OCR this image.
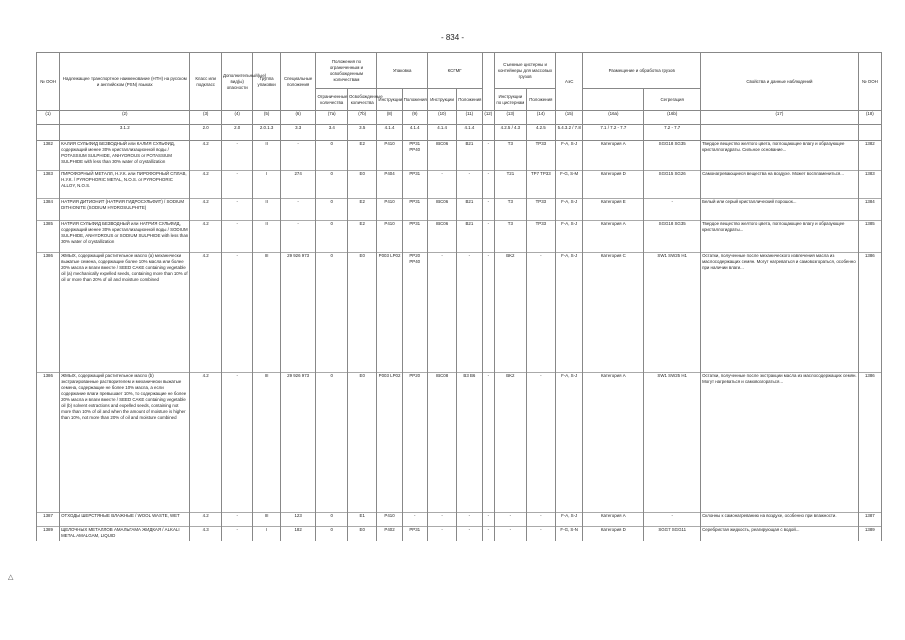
- 834 -
△
№ ООН	Надлежащее транспортное наименование (НТН) на русском и английском (PSN) языках	Класс или подкласс	Дополнительный(ые) вид(ы) опасности	Группа упаковки	Специальные положения	Положения по ограниченным и освобожденным количествам		Упаковка		КСГМГ			Съемные цистерны и контейнеры для массовых грузов		АэС	Размещение и обработка грузов		Свойства и данные наблюдений	№ ООН
						Ограниченные количества	Освобожденные количества	Инструкции	Положения	Инструкции	Положения		Инструкции по цистернам	Положения			Сегрегация		
(1)	(2)	(3)	(4)	(5)	(6)	(7a)	(7b)	(8)	(9)	(10)	(11)	(12)	(13)	(14)	(15)	(16a)	(16b)	(17)	(18)
	3.1.2	2.0	2.0	2.0.1.3	3.3	3.4	3.5	4.1.4	4.1.4	4.1.4	4.1.4		4.2.5 / 4.3	4.2.5	5.4.3.2 / 7.8	7.1 / 7.2 - 7.7	7.2 - 7.7		
1382	КАЛИЯ СУЛЬФИД БЕЗВОДНЫЙ или КАЛИЯ СУЛЬФИД, содержащий менее 30% кристаллизационной воды / POTASSIUM SULPHIDE, ANHYDROUS or POTASSIUM SULPHIDE with less than 30% water of crystallization	4.2	-	II	-	0	E2	P410	PP31 PP40	IBC06	B21	-	T3	TP33	F-A, S-J	Категория A	SGG18 SG35	Твердое вещество желтого цвета, поглощающее влагу и образующее кристаллогидраты. Сильное основание...	1382
1383	ПИРОФОРНЫЙ МЕТАЛЛ, Н.У.К. или ПИРОФОРНЫЙ СПЛАВ, Н.У.К. / PYROPHORIC METAL, N.O.S. or PYROPHORIC ALLOY, N.O.S.	4.2	-	I	274	0	E0	P404	PP31	-	-	-	T21	TP7 TP33	F-G, S-M	Категория D	SGG15 SG26	Самонагревающиеся вещества на воздухе. Может воспламениться...	1383
1384	НАТРИЯ ДИТИОНИТ (НАТРИЯ ГИДРОСУЛЬФИТ) / SODIUM DITHIONITE (SODIUM HYDROSULPHITE)	4.2	-	II	-	0	E2	P410	PP31	IBC06	B21	-	T3	TP33	F-A, S-J	Категория E	-	Белый или серый кристаллический порошок...	1384
1385	НАТРИЯ СУЛЬФИД БЕЗВОДНЫЙ или НАТРИЯ СУЛЬФИД, содержащий менее 30% кристаллизационной воды / SODIUM SULPHIDE, ANHYDROUS or SODIUM SULPHIDE with less than 30% water of crystallization	4.2	-	II	-	0	E2	P410	PP31	IBC06	B21	-	T3	TP33	F-A, S-J	Категория A	SGG18 SG35	Твердое вещество желтого цвета, поглощающее влагу и образующее кристаллогидраты...	1385
1386	ЖМЫХ, содержащий растительное масло (а) механически выжатые семена, содержащие более 10% масла или более 20% масла и влаги вместе / SEED CAKE containing vegetable oil (a) mechanically expelled seeds, containing more than 10% of oil or more than 20% of oil and moisture combined	4.2	-	III	29 926 973	0	E0	P003 LP02	PP20 PP40	-	-	-	BK2	-	F-A, S-J	Категория C	SW1 SW25 H1	Остатки, полученные после механического извлечения масла из маслосодержащих семян. Могут нагреваться и самовозгораться, особенно при наличии влаги...	1386
1386	ЖМЫХ, содержащий растительное масло (b) экстрагированные растворителем и механически выжатые семена, содержащие не более 10% масла, а если содержание влаги превышает 10%, то содержащие не более 20% масла и влаги вместе / SEED CAKE containing vegetable oil (b) solvent extractions and expelled seeds, containing not more than 10% of oil and when the amount of moisture is higher than 10%, not more than 20% of oil and moisture combined	4.2	-	III	29 926 973	0	E0	P003 LP02	PP20	IBC08	B3 B6	-	BK2	-	F-A, S-J	Категория A	SW1 SW25 H1	Остатки, полученные после экстракции масла из маслосодержащих семян. Могут нагреваться и самовозгораться...	1386
1387	ОТХОДЫ ШЕРСТЯНЫЕ ВЛАЖНЫЕ / WOOL WASTE, WET	4.2	-	III	123	0	E1	P410	-	-	-	-	-	-	F-A, S-J	Категория A	-	Склонны к самонагреванию на воздухе, особенно при влажности.	1387
1389	ЩЕЛОЧНЫХ МЕТАЛЛОВ АМАЛЬГАМА ЖИДКАЯ / ALKALI METAL AMALGAM, LIQUID	4.3	-	I	182	0	E0	P402	PP31	-	-	-	-	-	F-G, S-N	Категория D	SGG7 SGG11	Серебристая жидкость, реагирующая с водой...	1389
